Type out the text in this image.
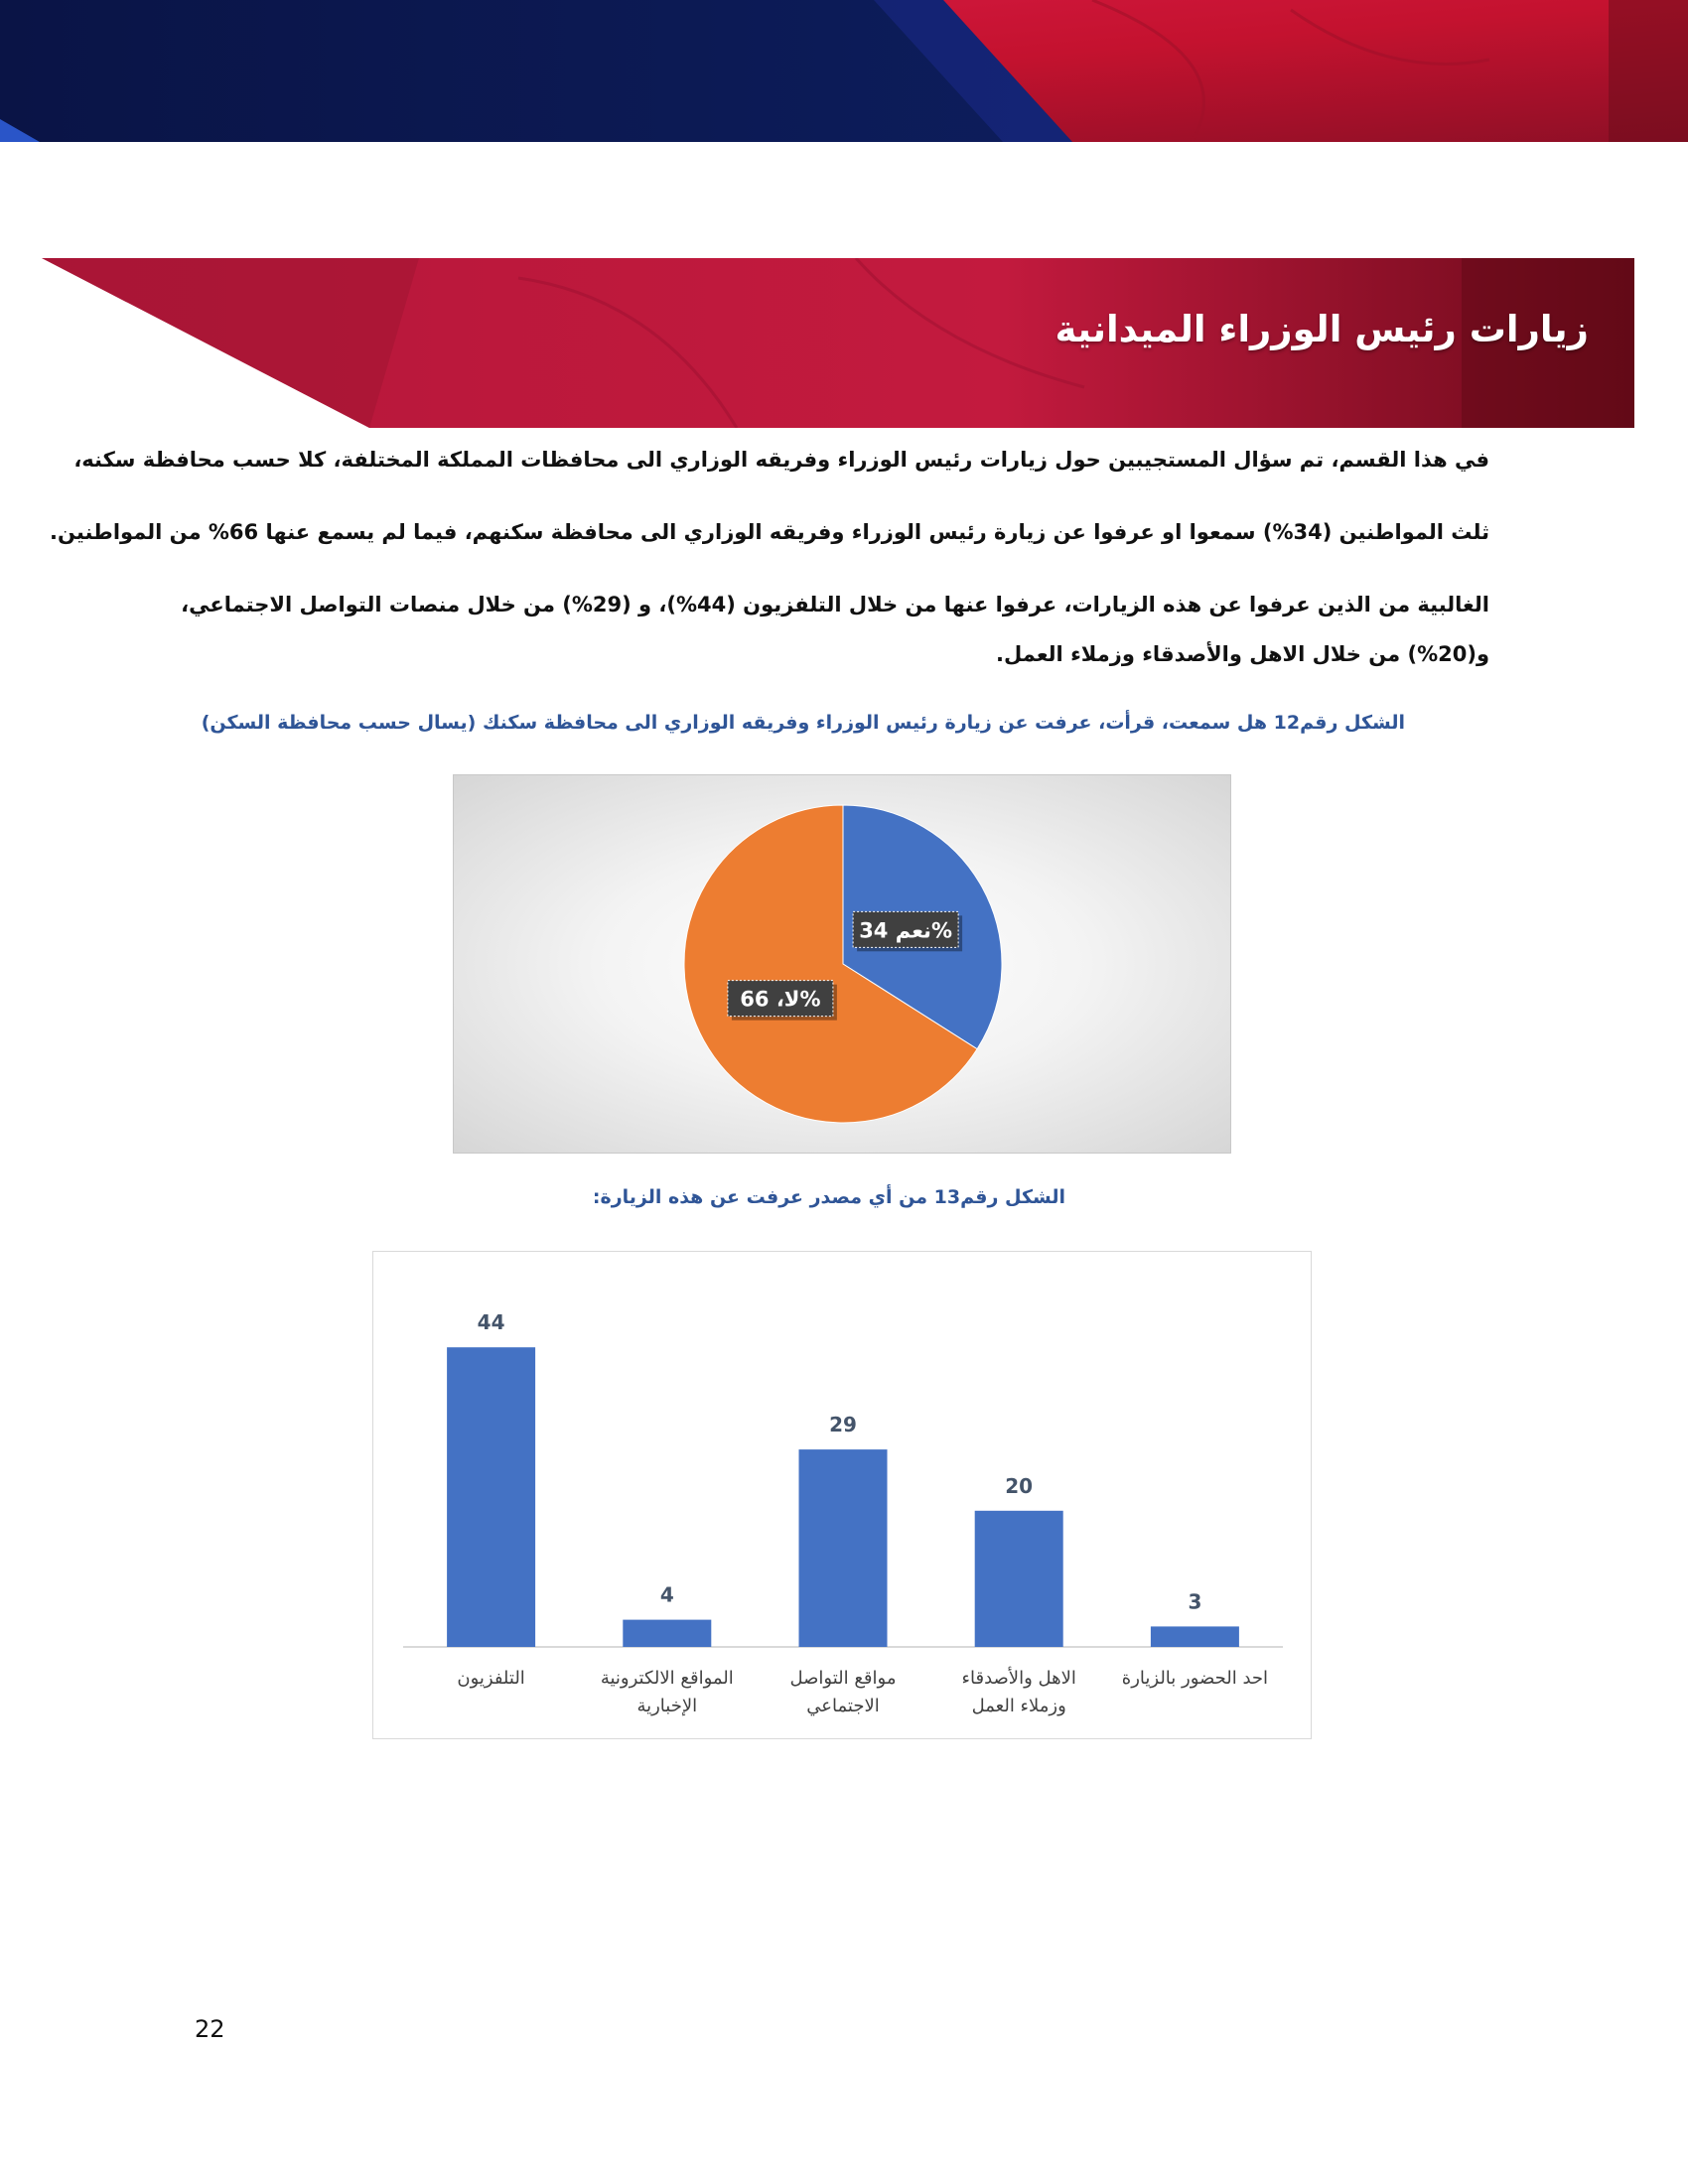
زيارات رئيس الوزراء الميدانية

في هذا القسم، تم سؤال المستجيبين حول زيارات رئيس الوزراء وفريقه الوزاري الى محافظات المملكة المختلفة، كلا حسب محافظة سكنه،

ثلث المواطنين (34%) سمعوا او عرفوا عن زيارة رئيس الوزراء وفريقه الوزاري الى محافظة سكنهم، فيما لم يسمع عنها 66% من المواطنين.

الغالبية من الذين عرفوا عن هذه الزيارات، عرفوا عنها من خلال التلفزيون (44%)، و (29%) من خلال منصات التواصل الاجتماعي،

و(20%) من خلال الاهل والأصدقاء وزملاء العمل.

الشكل رقم12 هل سمعت، قرأت، عرفت عن زيارة رئيس الوزراء وفريقه الوزاري الى محافظة سكنك (يسال حسب محافظة السكن)

نعم 34%
لا، 66%

الشكل رقم13 من أي مصدر عرفت عن هذه الزيارة:

44
التلفزيون
4
المواقع الالكترونية
الإخبارية
29
مواقع التواصل
الاجتماعي
20
الاهل والأصدقاء
وزملاء العمل
3
احد الحضور بالزيارة

22
